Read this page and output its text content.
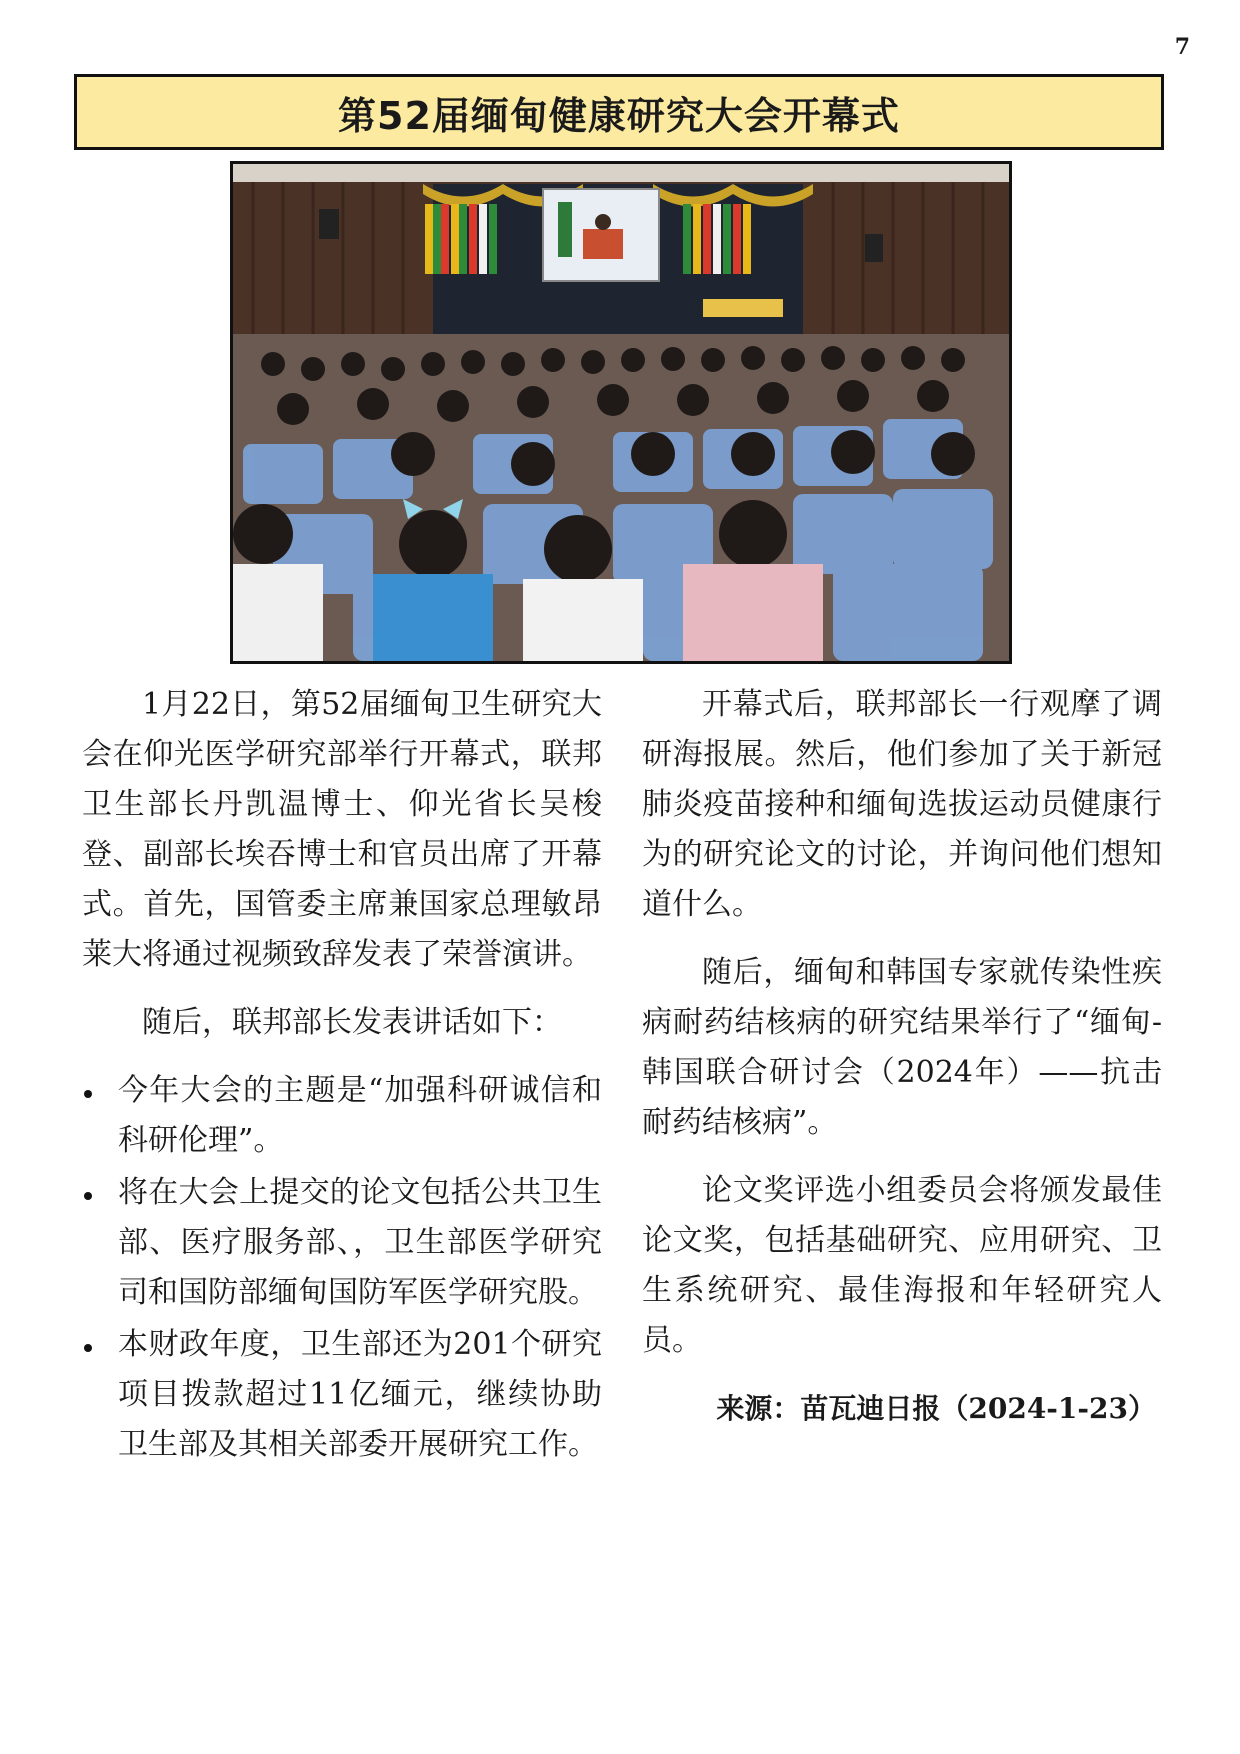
7
第52届缅甸健康研究大会开幕式

1月22日，第52届缅甸卫生研究大会在仰光医学研究部举行开幕式，联邦卫生部长丹凯温博士、仰光省长吴梭登、副部长埃吞博士和官员出席了开幕式。首先，国管委主席兼国家总理敏昂莱大将通过视频致辞发表了荣誉演讲。

随后，联邦部长发表讲话如下：

今年大会的主题是“加强科研诚信和科研伦理”。
将在大会上提交的论文包括公共卫生部、医疗服务部、，卫生部医学研究司和国防部缅甸国防军医学研究股。
本财政年度，卫生部还为201个研究项目拨款超过11亿缅元，继续协助卫生部及其相关部委开展研究工作。

开幕式后，联邦部长一行观摩了调研海报展。然后，他们参加了关于新冠肺炎疫苗接种和缅甸选拔运动员健康行为的研究论文的讨论，并询问他们想知道什么。

随后，缅甸和韩国专家就传染性疾病耐药结核病的研究结果举行了“缅甸-韩国联合研讨会（2024年）——抗击耐药结核病”。

论文奖评选小组委员会将颁发最佳论文奖，包括基础研究、应用研究、卫生系统研究、最佳海报和年轻研究人员。

来源：苗瓦迪日报（2024-1-23）
